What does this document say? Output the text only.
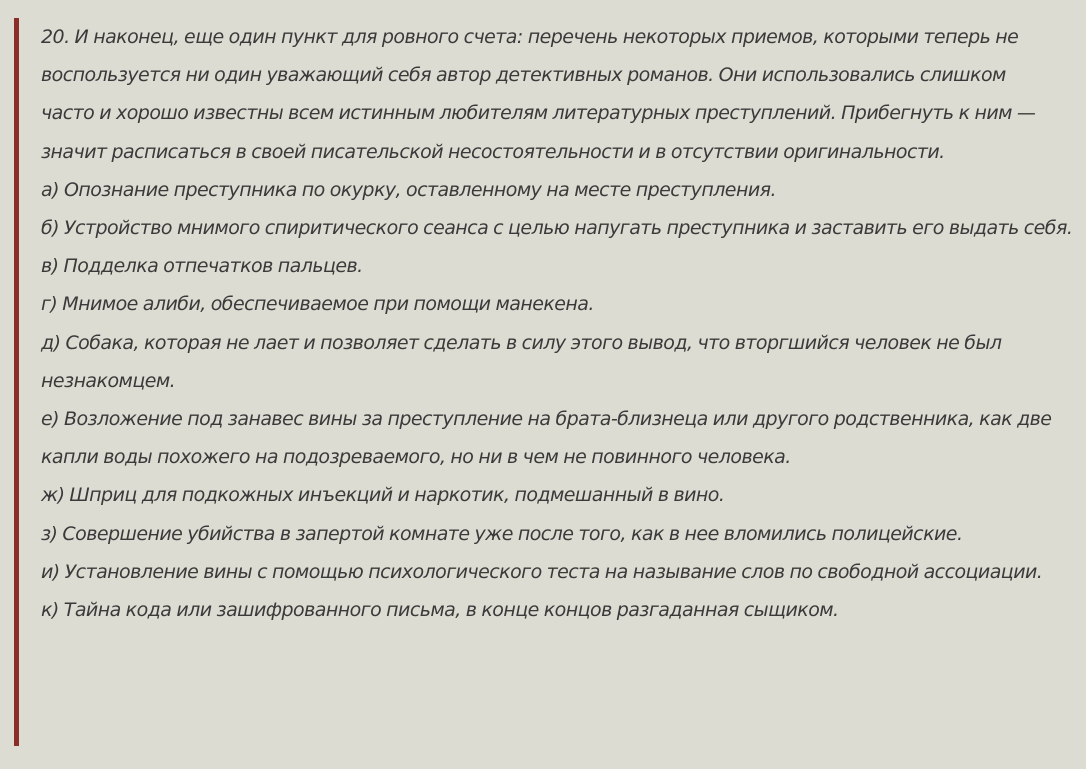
20. И наконец, еще один пункт для ровного счета: перечень некоторых приемов, которыми теперь не воспользуется ни один уважающий себя автор детективных романов. Они использовались слишком часто и хорошо известны всем истинным любителям литературных преступлений. Прибегнуть к ним — значит расписаться в своей писательской несостоятельности и в отсутствии оригинальности.

а) Опознание преступника по окурку, оставленному на месте преступления.

б) Устройство мнимого спиритического сеанса с целью напугать преступника и заставить его выдать себя.

в) Подделка отпечатков пальцев.

г) Мнимое алиби, обеспечиваемое при помощи манекена.

д) Собака, которая не лает и позволяет сделать в силу этого вывод, что вторгшийся человек не был незнакомцем.

е) Возложение под занавес вины за преступление на брата-близнеца или другого родственника, как две капли воды похожего на подозреваемого, но ни в чем не повинного человека.

ж) Шприц для подкожных инъекций и наркотик, подмешанный в вино.

з) Совершение убийства в запертой комнате уже после того, как в нее вломились полицейские.

и) Установление вины с помощью психологического теста на называние слов по свободной ассоциации.

к) Тайна кода или зашифрованного письма, в конце концов разгаданная сыщиком.
